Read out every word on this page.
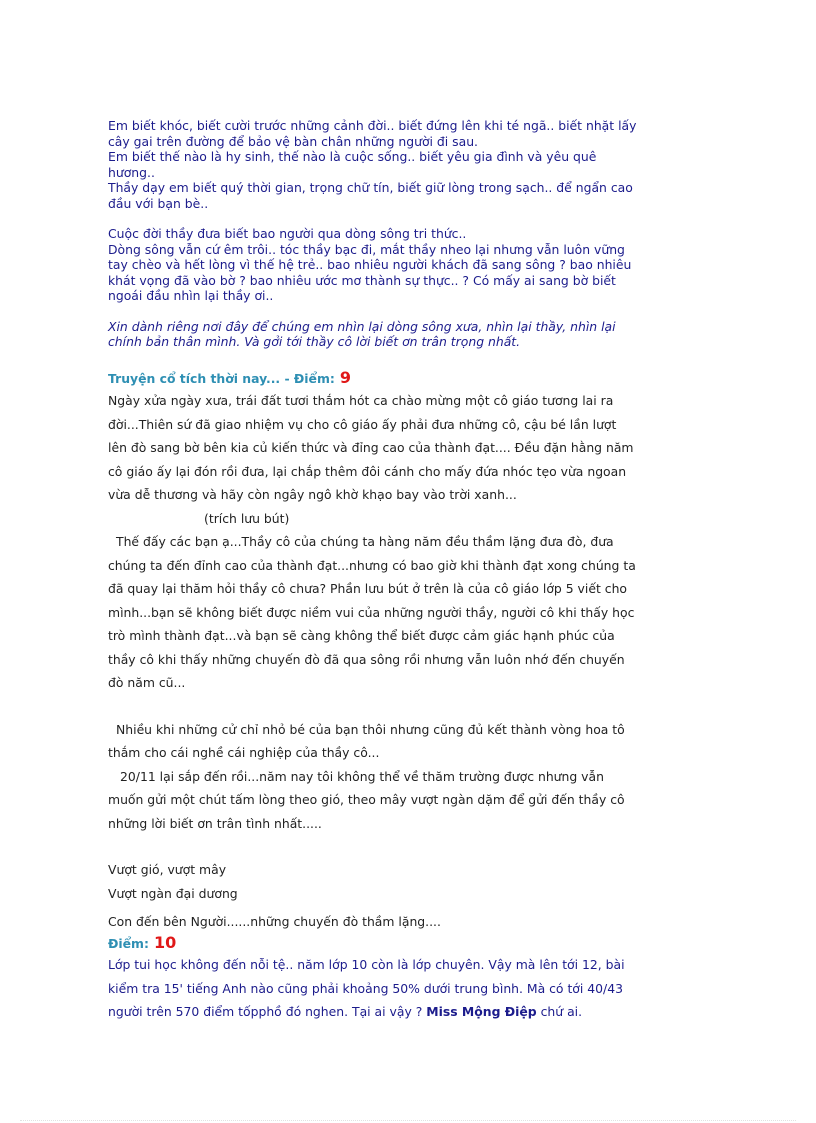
Em biết khóc, biết cười trước những cảnh đời.. biết đứng lên khi té ngã.. biết nhặt lấy cây gai trên đường để bảo vệ bàn chân những người đi sau.

Em biết thế nào là hy sinh, thế nào là cuộc sống.. biết yêu gia đình và yêu quê hương..

Thầy dạy em biết quý thời gian, trọng chữ tín, biết giữ lòng trong sạch.. để ngẩn cao đầu với bạn bè..

Cuộc đời thầy đưa biết bao người qua dòng sông tri thức..

Dòng sông vẫn cứ êm trôi.. tóc thầy bạc đi, mắt thầy nheo lại nhưng vẫn luôn vững tay chèo và hết lòng vì thế hệ trẻ.. bao nhiêu người khách đã sang sông ? bao nhiêu khát vọng đã vào bờ ? bao nhiêu ước mơ thành sự thực.. ? Có mấy ai sang bờ biết ngoái đầu nhìn lại thầy ơi..

Xin dành riêng nơi đây để chúng em nhìn lại dòng sông xưa, nhìn lại thầy, nhìn lại chính bản thân mình. Và gởi tới thầy cô lời biết ơn trân trọng nhất.

Truyện cổ tích thời nay... - Điểm: 9

Ngày xửa ngày xưa, trái đất tươi thắm hót ca chào mừng một cô giáo tương lai ra đời...Thiên sứ đã giao nhiệm vụ cho cô giáo ấy phải đưa những cô, cậu bé lần lượt lên đò sang bờ bên kia củ kiến thức và đỉng cao của thành đạt.... Đều đặn hằng năm cô giáo ấy lại đón rồi đưa, lại chắp thêm đôi cánh cho mấy đứa nhóc tẹo vừa ngoan vừa dễ thương và hãy còn ngây ngô khờ khạo bay vào trời xanh...

(trích lưu bút)

Thế đấy các bạn ạ...Thầy cô của chúng ta hàng năm đều thầm lặng đưa đò, đưa chúng ta đến đỉnh cao của thành đạt...nhưng có bao giờ khi thành đạt xong chúng ta đã quay lại thăm hỏi thầy cô chưa? Phần lưu bút ở trên là của cô giáo lớp 5 viết cho mình...bạn sẽ không biết được niềm vui của những người thầy, người cô khi thấy học trò mình thành đạt...và bạn sẽ càng không thể biết được cảm giác hạnh phúc của thầy cô khi thấy những chuyến đò đã qua sông rồi nhưng vẫn luôn nhớ đến chuyến đò năm cũ...

Nhiều khi những cử chỉ nhỏ bé của bạn thôi nhưng cũng đủ kết thành vòng hoa tô thắm cho cái nghề cái nghiệp của thầy cô...

20/11 lại sắp đến rồi...năm nay tôi không thể về thăm trường được nhưng vẫn muốn gửi một chút tấm lòng theo gió, theo mây vượt ngàn dặm để gửi đến thầy cô những lời biết ơn trân tình nhất.....

Vượt gió, vượt mây

Vượt ngàn đại dương

Con đến bên Người......những chuyến đò thầm lặng....

Điểm: 10

Lớp tui học không đến nỗi tệ.. năm lớp 10 còn là lớp chuyên. Vậy mà lên tới 12, bài kiểm tra 15' tiếng Anh nào cũng phải khoảng 50% dưới trung bình. Mà có tới 40/43 người trên 570 điểm tốpphồ đó nghen. Tại ai vậy ? Miss Mộng Điệp chứ ai.
